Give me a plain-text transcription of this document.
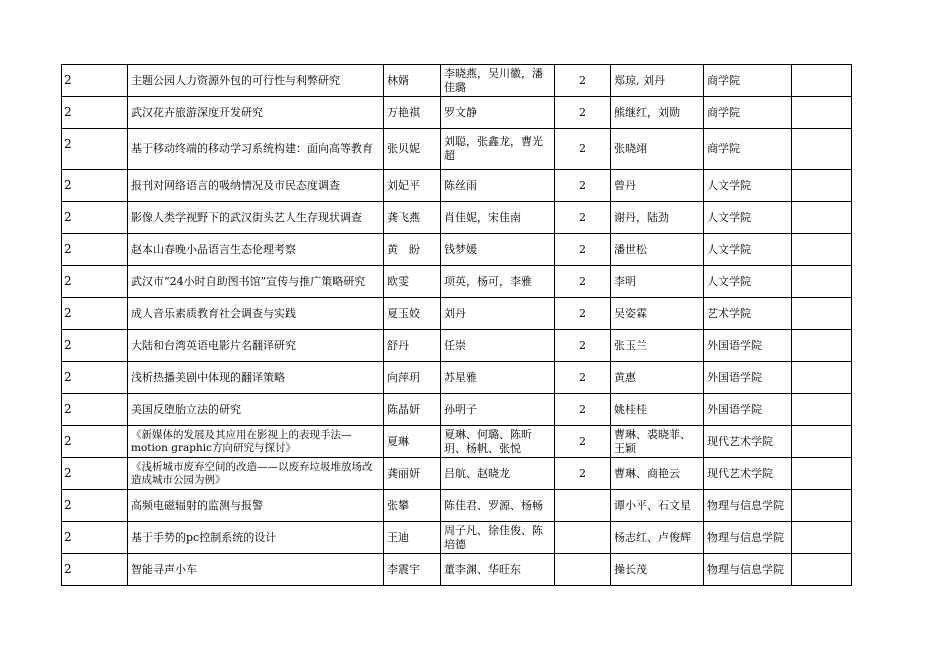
2	主题公园人力资源外包的可行性与利弊研究	林婿	李晓燕，吴川徽，潘佳璐	2	郑琼, 刘丹	商学院	
2	武汉花卉旅游深度开发研究	万艳祺	罗文静	2	熊继红，刘勋	商学院	
2	基于移动终端的移动学习系统构建：面向高等教育	张贝妮	刘聪，张鑫龙，曹光超	2	张晓翊	商学院	
2	报刊对网络语言的吸纳情况及市民态度调查	刘妃平	陈丝雨	2	曾丹	人文学院	
2	影像人类学视野下的武汉街头艺人生存现状调查	龚飞燕	肖佳妮，宋佳南	2	谢丹，陆劲	人文学院	
2	赵本山春晚小品语言生态伦理考察	黄　盼	钱梦媛	2	潘世松	人文学院	
2	武汉市“24小时自助图书馆”宣传与推广策略研究	欧雯	项英，杨可，李雅	2	李明	人文学院	
2	成人音乐素质教育社会调查与实践	夏玉姣	刘丹	2	吴姿霖	艺术学院	
2	大陆和台湾英语电影片名翻译研究	舒丹	任崇	2	张玉兰	外国语学院	
2	浅析热播美剧中体现的翻译策略	向萍玥	苏星雅	2	黄惠	外国语学院	
2	美国反堕胎立法的研究	陈晶妍	孙明子	2	姚桂桂	外国语学院	
2	《新媒体的发展及其应用在影视上的表现手法—motion graphic方向研究与探讨》	夏琳	夏琳、何璐、陈昕玥、杨帆、张悦	2	曹琳、裘晓菲、王颖	现代艺术学院	
2	《浅析城市废弃空间的改造——以废弃垃圾堆放场改造成城市公园为例》	龚丽妍	吕航、赵晓龙	2	曹琳、商艳云	现代艺术学院	
2	高频电磁辐射的监测与报警	张攀	陈佳君、罗源、杨畅		谭小平、石文星	物理与信息学院	
2	基于手势的pc控制系统的设计	王迪	周子凡、徐佳俊、陈培德		杨志红、卢俊辉	物理与信息学院	
2	智能寻声小车	李震宇	董李渊、华旺东		操长茂	物理与信息学院	
